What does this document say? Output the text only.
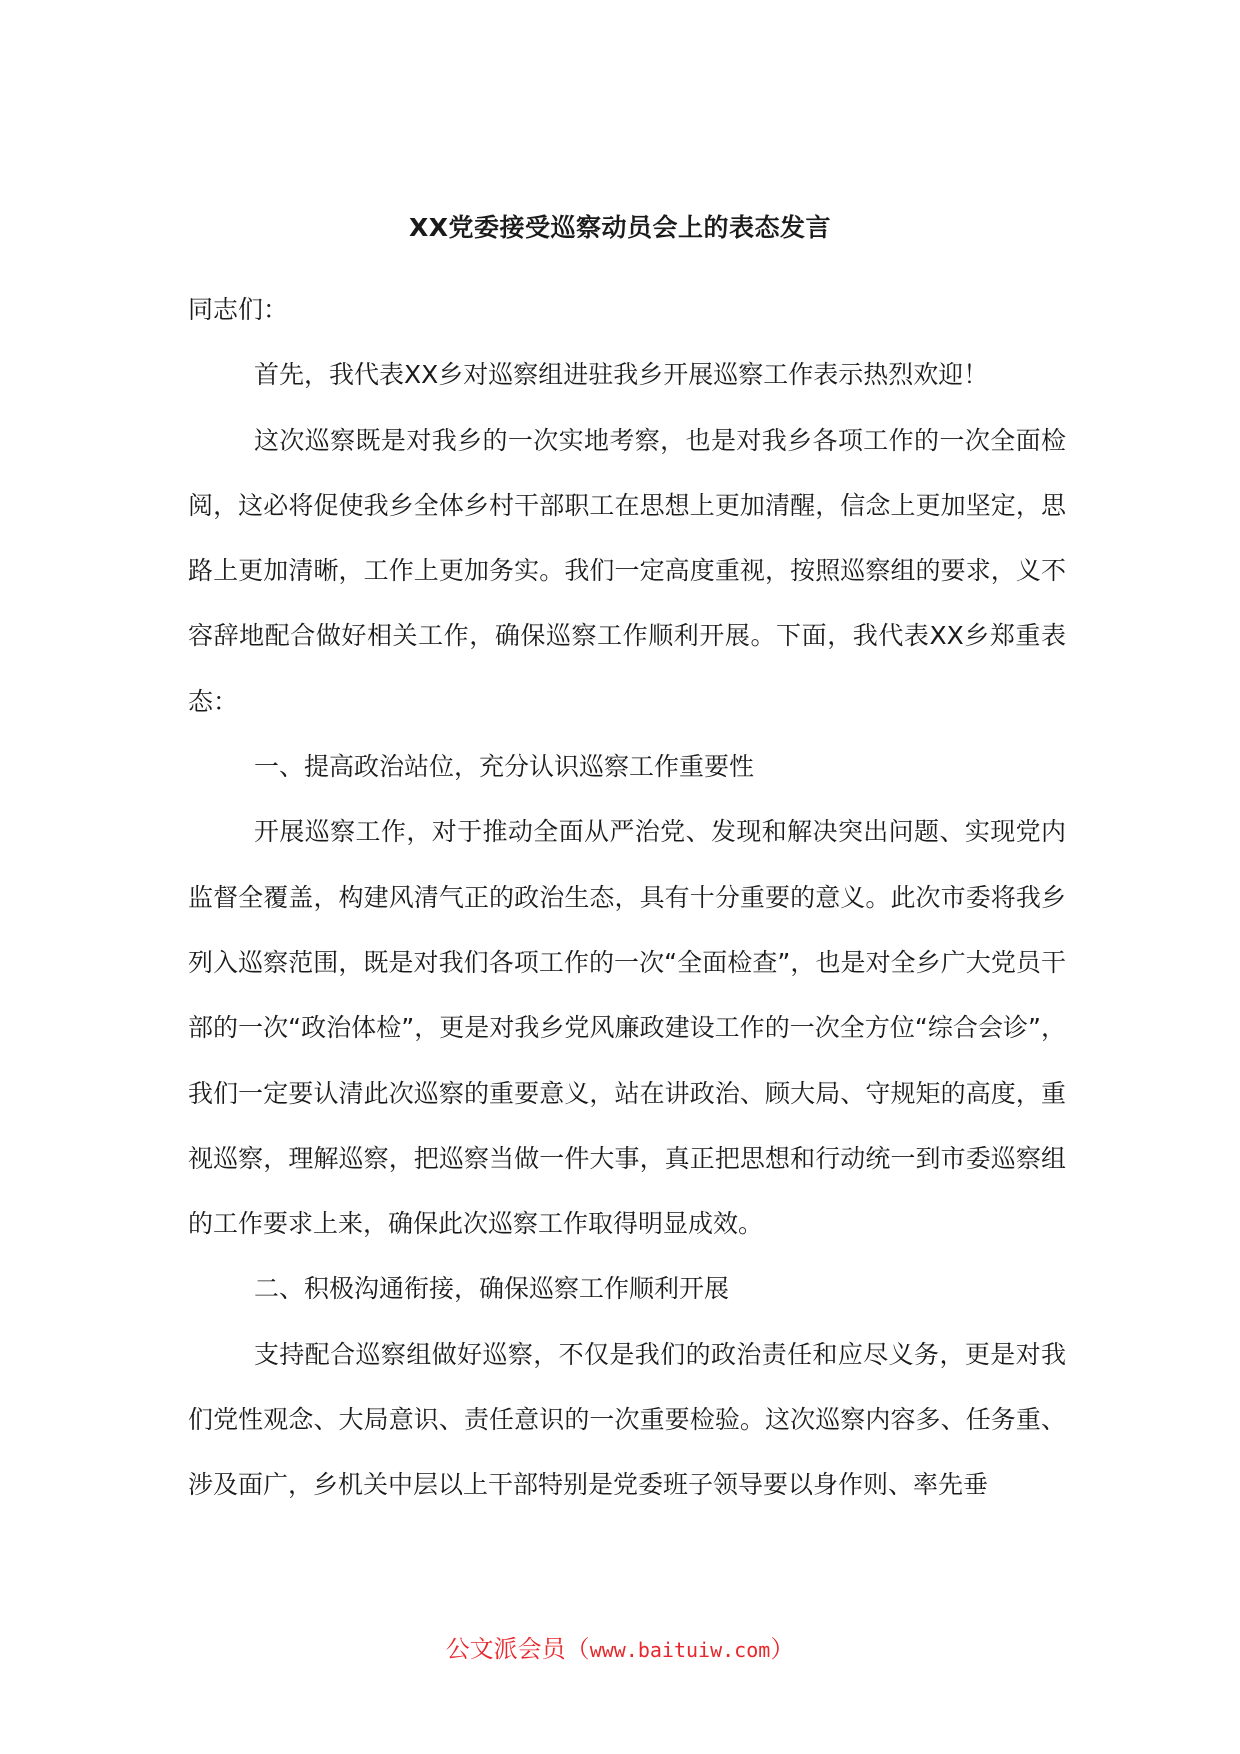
XX党委接受巡察动员会上的表态发言

同志们：

首先，我代表XX乡对巡察组进驻我乡开展巡察工作表示热烈欢迎！

这次巡察既是对我乡的一次实地考察，也是对我乡各项工作的一次全面检阅，这必将促使我乡全体乡村干部职工在思想上更加清醒，信念上更加坚定，思路上更加清晰，工作上更加务实。我们一定高度重视，按照巡察组的要求，义不容辞地配合做好相关工作，确保巡察工作顺利开展。下面，我代表XX乡郑重表态：

一、提高政治站位，充分认识巡察工作重要性

开展巡察工作，对于推动全面从严治党、发现和解决突出问题、实现党内监督全覆盖，构建风清气正的政治生态，具有十分重要的意义。此次市委将我乡列入巡察范围，既是对我们各项工作的一次“全面检查”，也是对全乡广大党员干部的一次“政治体检”，更是对我乡党风廉政建设工作的一次全方位“综合会诊”，我们一定要认清此次巡察的重要意义，站在讲政治、顾大局、守规矩的高度，重视巡察，理解巡察，把巡察当做一件大事，真正把思想和行动统一到市委巡察组的工作要求上来，确保此次巡察工作取得明显成效。

二、积极沟通衔接，确保巡察工作顺利开展

支持配合巡察组做好巡察，不仅是我们的政治责任和应尽义务，更是对我们党性观念、大局意识、责任意识的一次重要检验。这次巡察内容多、任务重、涉及面广，乡机关中层以上干部特别是党委班子领导要以身作则、率先垂

公文派会员（www.baituiw.com）
